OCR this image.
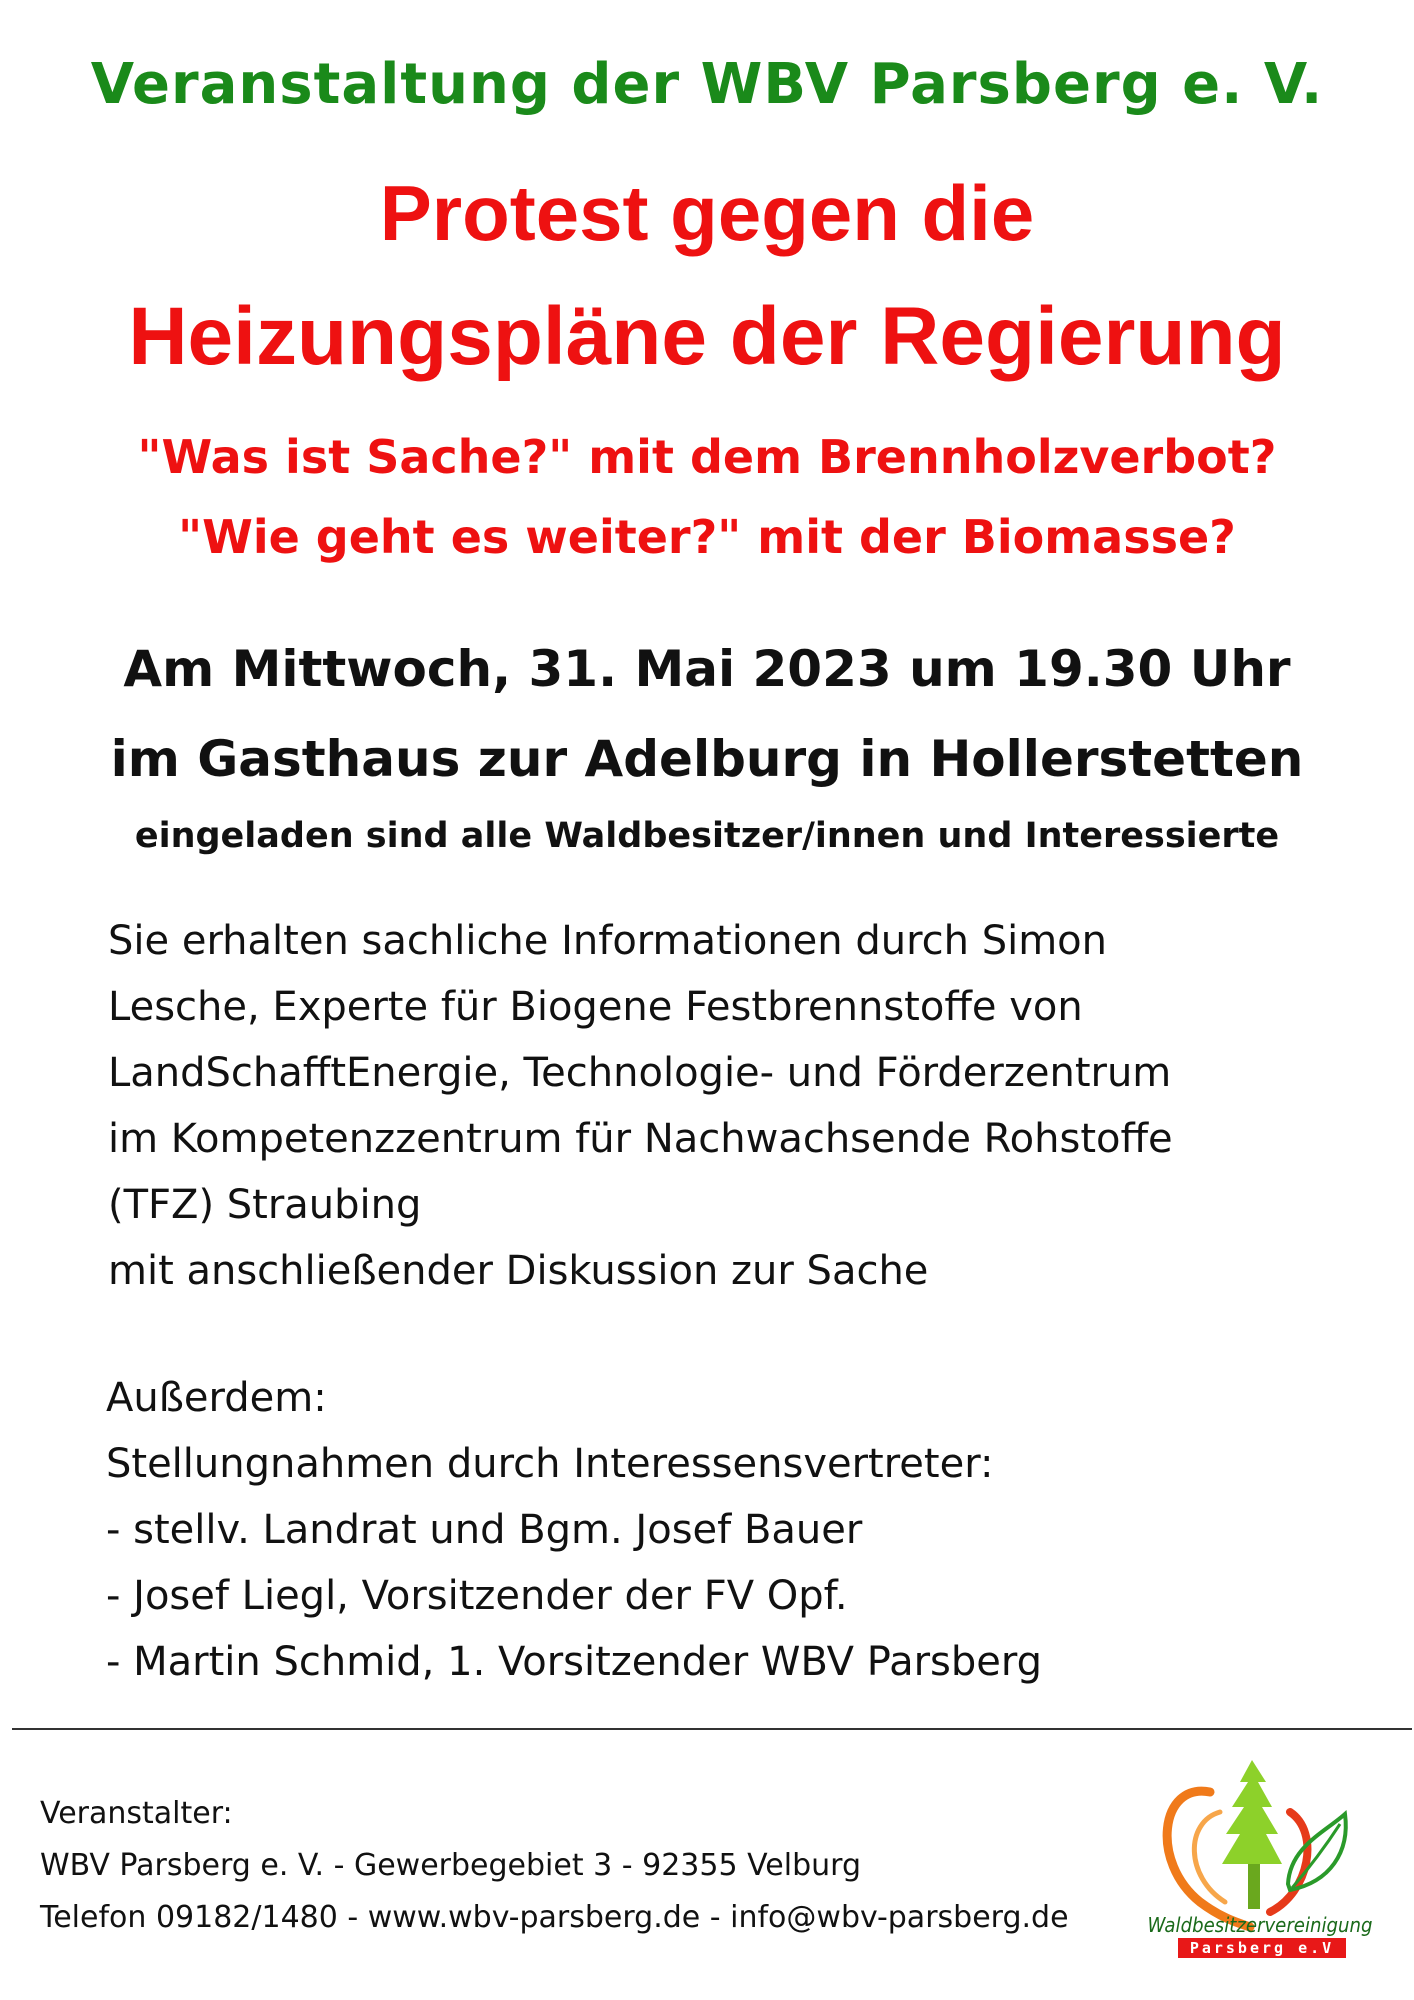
Veranstaltung der WBV Parsberg e. V.
Protest gegen die
Heizungspläne der Regierung
"Was ist Sache?" mit dem Brennholzverbot?
"Wie geht es weiter?" mit der Biomasse?
Am Mittwoch, 31. Mai 2023 um 19.30 Uhr
im Gasthaus zur Adelburg in Hollerstetten
eingeladen sind alle Waldbesitzer/innen und Interessierte
Sie erhalten sachliche Informationen durch Simon
Lesche, Experte für Biogene Festbrennstoffe von
LandSchafftEnergie, Technologie- und Förderzentrum
im Kompetenzzentrum für Nachwachsende Rohstoffe
(TFZ) Straubing
mit anschließender Diskussion zur Sache
Außerdem:
Stellungnahmen durch Interessensvertreter:
- stellv. Landrat und Bgm. Josef Bauer
- Josef Liegl, Vorsitzender der FV Opf.
- Martin Schmid, 1. Vorsitzender WBV Parsberg
Veranstalter:
WBV Parsberg e. V. - Gewerbegebiet 3 - 92355 Velburg
Telefon 09182/1480 - www.wbv-parsberg.de - info@wbv-parsberg.de	Waldbesitzervereinigung
Parsberg e.V
